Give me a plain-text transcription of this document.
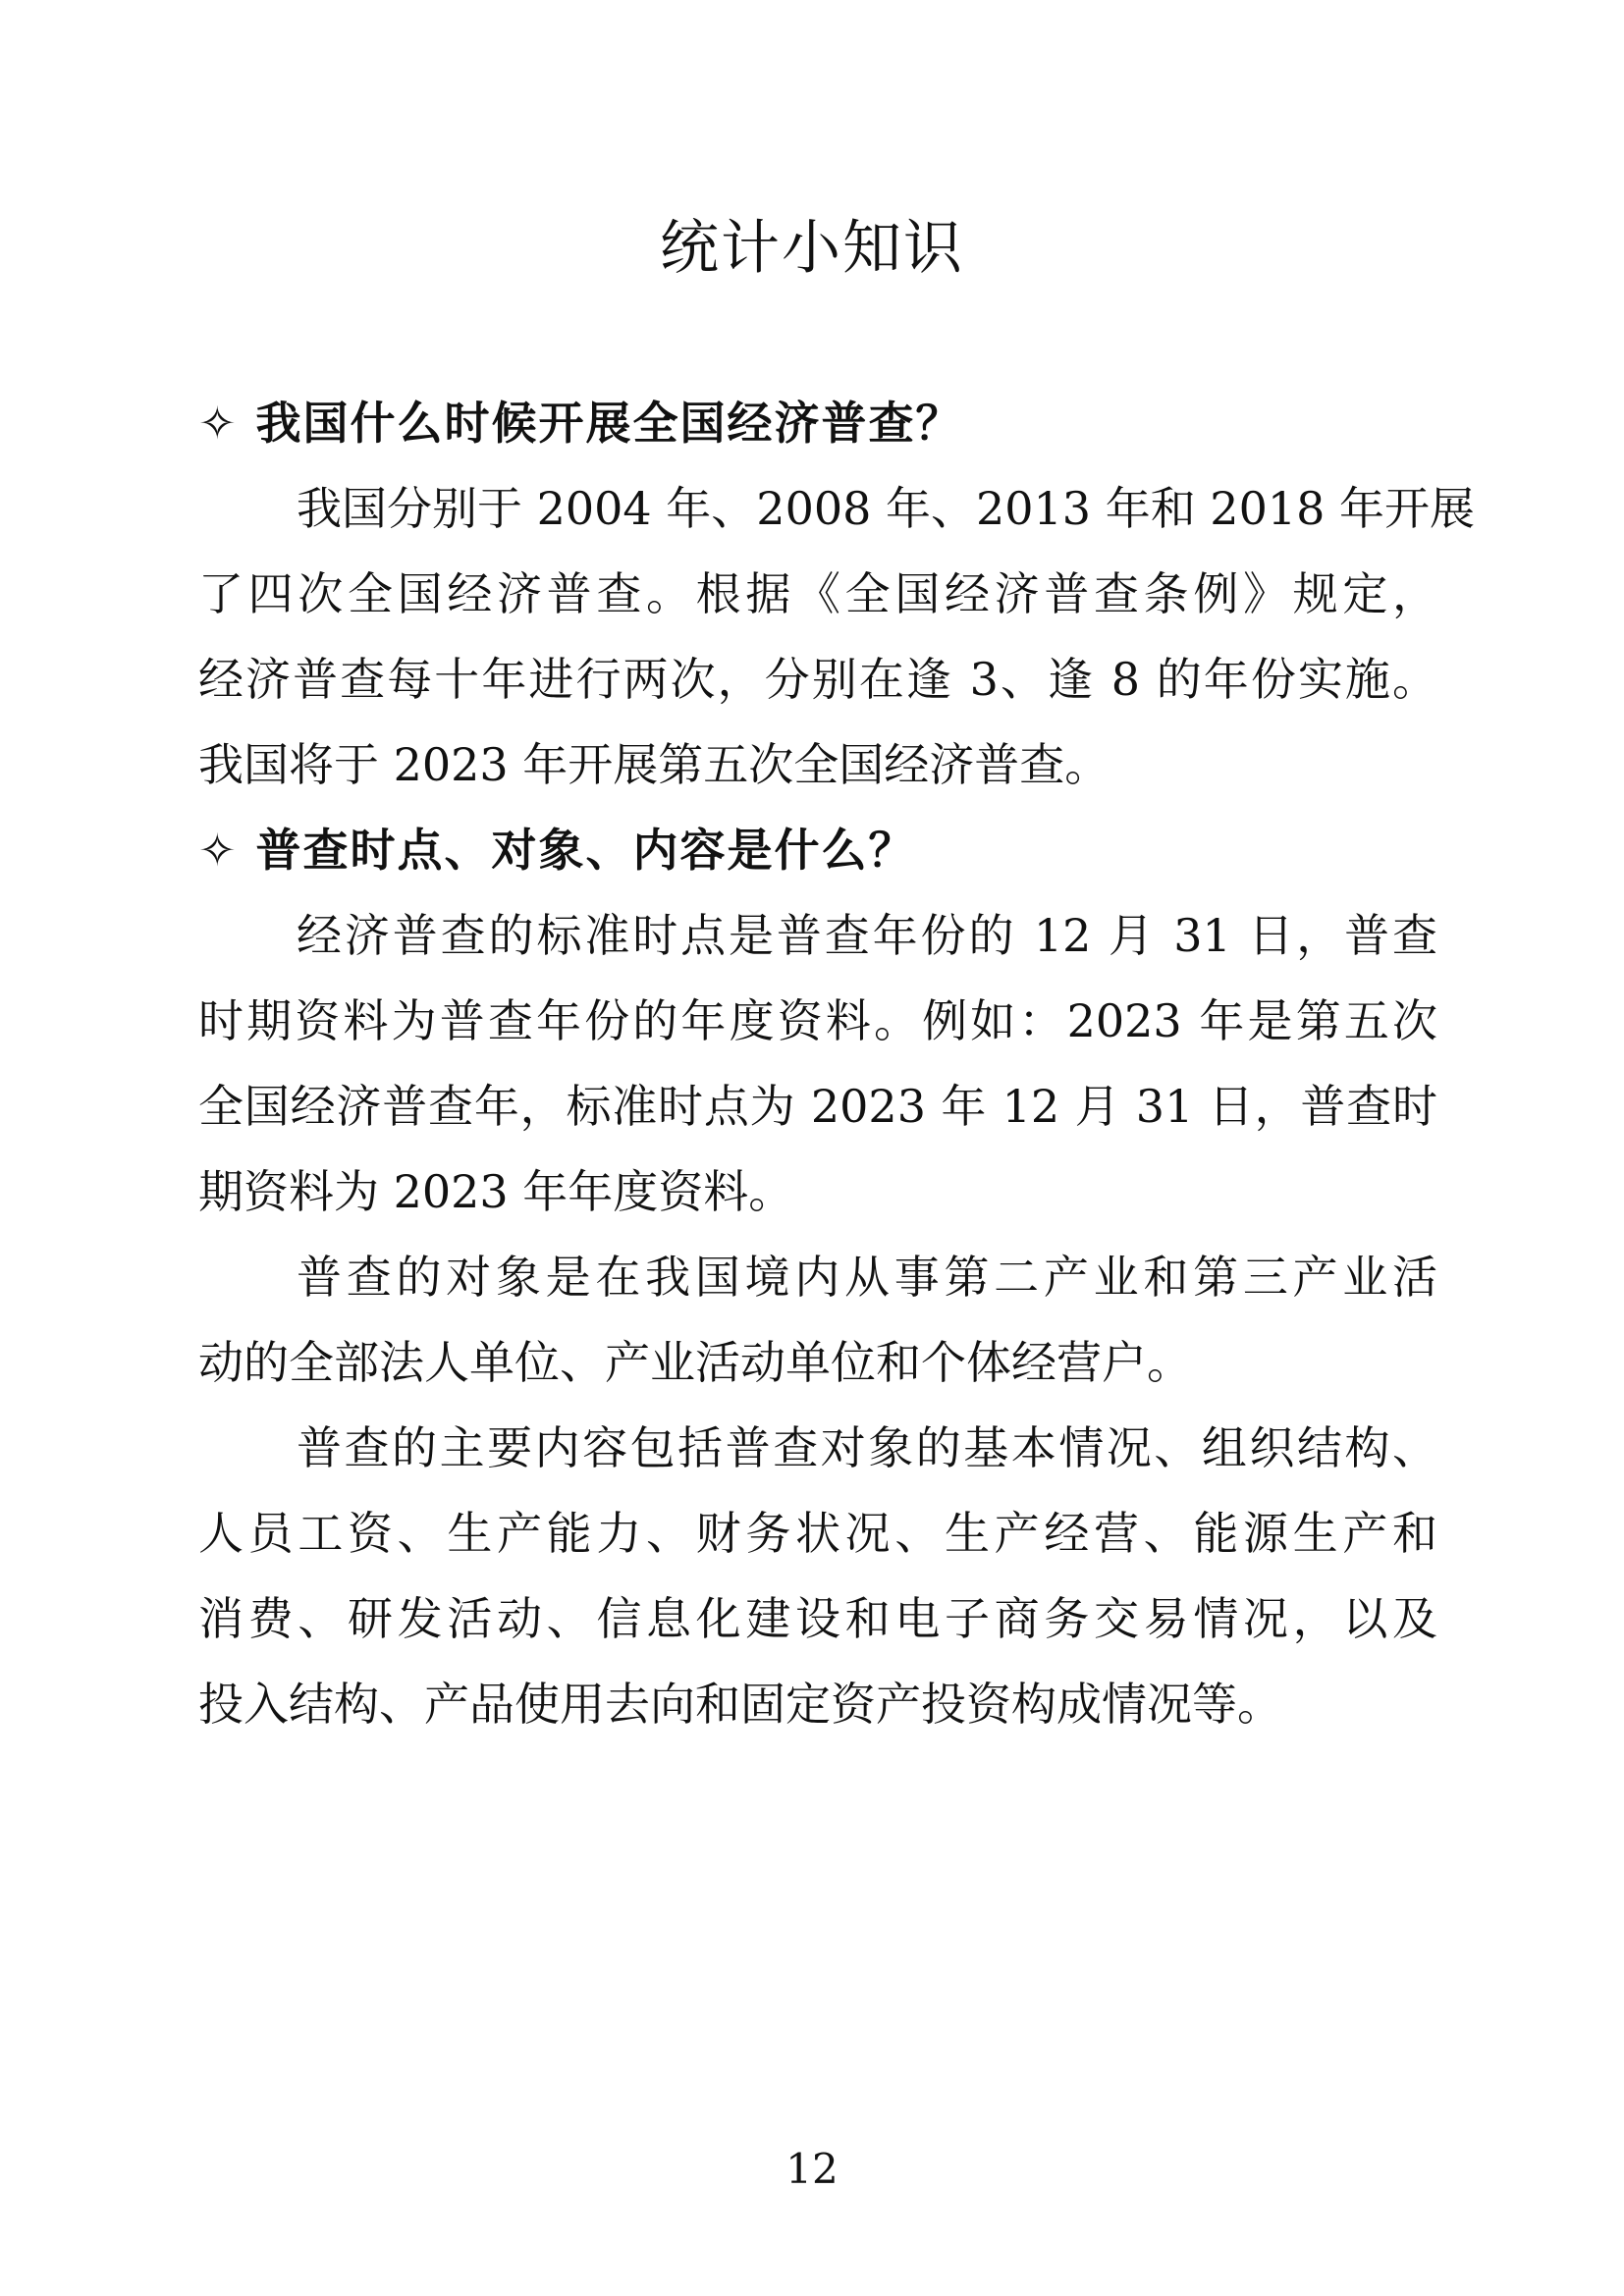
统计小知识
✧ 我国什么时候开展全国经济普查？
我国分别于 2004 年、2008 年、2013 年和 2018 年开展
了四次全国经济普查。根据《全国经济普查条例》规定，
经济普查每十年进行两次，分别在逢 3、逢 8 的年份实施。
我国将于 2023 年开展第五次全国经济普查。
✧ 普查时点、对象、内容是什么？
经济普查的标准时点是普查年份的 12 月 31 日，普查
时期资料为普查年份的年度资料。例如：2023 年是第五次
全国经济普查年，标准时点为 2023 年 12 月 31 日，普查时
期资料为 2023 年年度资料。
普查的对象是在我国境内从事第二产业和第三产业活
动的全部法人单位、产业活动单位和个体经营户。
普查的主要内容包括普查对象的基本情况、组织结构、
人员工资、生产能力、财务状况、生产经营、能源生产和
消费、研发活动、信息化建设和电子商务交易情况，以及
投入结构、产品使用去向和固定资产投资构成情况等。
12
